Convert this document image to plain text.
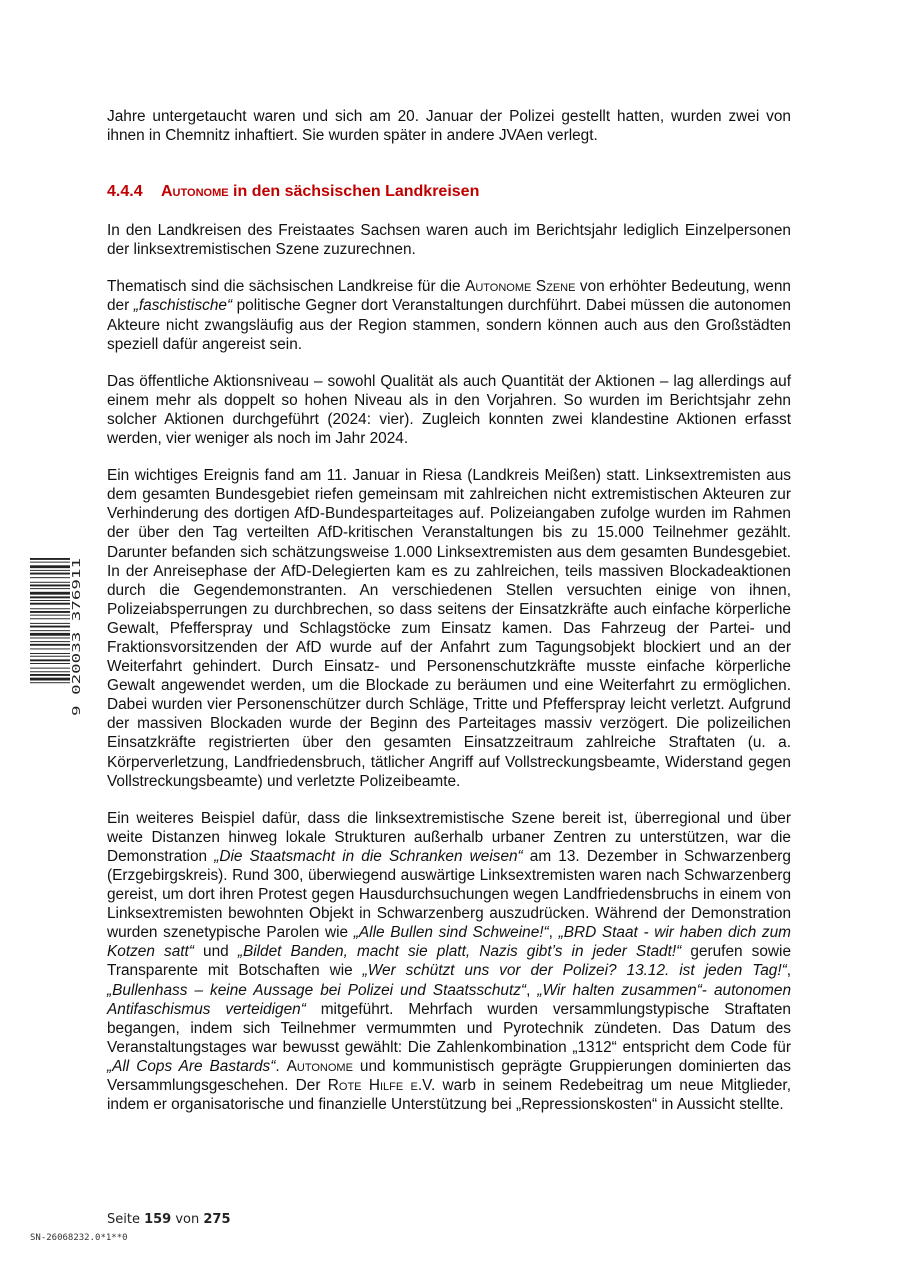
Jahre untergetaucht waren und sich am 20. Januar der Polizei gestellt hatten, wurden zwei von ihnen in Chemnitz inhaftiert. Sie wurden später in andere JVAen verlegt.

4.4.4 Autonome in den sächsischen Landkreisen

In den Landkreisen des Freistaates Sachsen waren auch im Berichtsjahr lediglich Einzelpersonen der linksextremistischen Szene zuzurechnen.

Thematisch sind die sächsischen Landkreise für die Autonome Szene von erhöhter Bedeutung, wenn der „faschistische“ politische Gegner dort Veranstaltungen durchführt. Dabei müssen die autonomen Akteure nicht zwangsläufig aus der Region stammen, sondern können auch aus den Großstädten speziell dafür angereist sein.

Das öffentliche Aktionsniveau – sowohl Qualität als auch Quantität der Aktionen – lag allerdings auf einem mehr als doppelt so hohen Niveau als in den Vorjahren. So wurden im Berichtsjahr zehn solcher Aktionen durchgeführt (2024: vier). Zugleich konnten zwei klandestine Aktionen erfasst werden, vier weniger als noch im Jahr 2024.

Ein wichtiges Ereignis fand am 11. Januar in Riesa (Landkreis Meißen) statt. Linksextremisten aus dem gesamten Bundesgebiet riefen gemeinsam mit zahlreichen nicht extremistischen Akteuren zur Verhinderung des dortigen AfD-Bundesparteitages auf. Polizeiangaben zufolge wurden im Rahmen der über den Tag verteilten AfD-kritischen Veranstaltungen bis zu 15.000 Teilnehmer gezählt. Darunter befanden sich schätzungsweise 1.000 Linksextremisten aus dem gesamten Bundesgebiet. In der Anreisephase der AfD-Delegierten kam es zu zahlreichen, teils massiven Blockadeaktionen durch die Gegendemonstranten. An verschiedenen Stellen versuchten einige von ihnen, Polizeiabsperrungen zu durchbrechen, so dass seitens der Einsatzkräfte auch einfache körperliche Gewalt, Pfefferspray und Schlagstöcke zum Einsatz kamen. Das Fahrzeug der Partei- und Fraktionsvorsitzenden der AfD wurde auf der Anfahrt zum Tagungsobjekt blockiert und an der Weiterfahrt gehindert. Durch Einsatz- und Personenschutzkräfte musste einfache körperliche Gewalt angewendet werden, um die Blockade zu beräumen und eine Weiterfahrt zu ermöglichen. Dabei wurden vier Personenschützer durch Schläge, Tritte und Pfefferspray leicht verletzt. Aufgrund der massiven Blockaden wurde der Beginn des Parteitages massiv verzögert. Die polizeilichen Einsatzkräfte registrierten über den gesamten Einsatzzeitraum zahlreiche Straftaten (u. a. Körperverletzung, Landfriedensbruch, tätlicher Angriff auf Vollstreckungsbeamte, Widerstand gegen Vollstreckungsbeamte) und verletzte Polizeibeamte.

Ein weiteres Beispiel dafür, dass die linksextremistische Szene bereit ist, überregional und über weite Distanzen hinweg lokale Strukturen außerhalb urbaner Zentren zu unterstützen, war die Demonstration „Die Staatsmacht in die Schranken weisen“ am 13. Dezember in Schwarzenberg (Erzgebirgskreis). Rund 300, überwiegend auswärtige Linksextremisten waren nach Schwarzenberg gereist, um dort ihren Protest gegen Hausdurchsuchungen wegen Landfriedensbruchs in einem von Linksextremisten bewohnten Objekt in Schwarzenberg auszudrücken. Während der Demonstration wurden szenetypische Parolen wie „Alle Bullen sind Schweine!“, „BRD Staat - wir haben dich zum Kotzen satt“ und „Bildet Banden, macht sie platt, Nazis gibt’s in jeder Stadt!“ gerufen sowie Transparente mit Botschaften wie „Wer schützt uns vor der Polizei? 13.12. ist jeden Tag!“, „Bullenhass – keine Aussage bei Polizei und Staatsschutz“, „Wir halten zusammen“- autonomen Antifaschismus verteidigen“ mitgeführt. Mehrfach wurden versammlungstypische Straftaten begangen, indem sich Teilnehmer vermummten und Pyrotechnik zündeten. Das Datum des Veranstaltungstages war bewusst gewählt: Die Zahlenkombination „1312“ entspricht dem Code für „All Cops Are Bastards“. Autonome und kommunistisch geprägte Gruppierungen dominierten das Versammlungsgeschehen. Der Rote Hilfe e.V. warb in seinem Redebeitrag um neue Mitglieder, indem er organisatorische und finanzielle Unterstützung bei „Repressionskosten“ in Aussicht stellte.

9 020033 376911
Seite 159 von 275
SN-26068232.0*1**0
